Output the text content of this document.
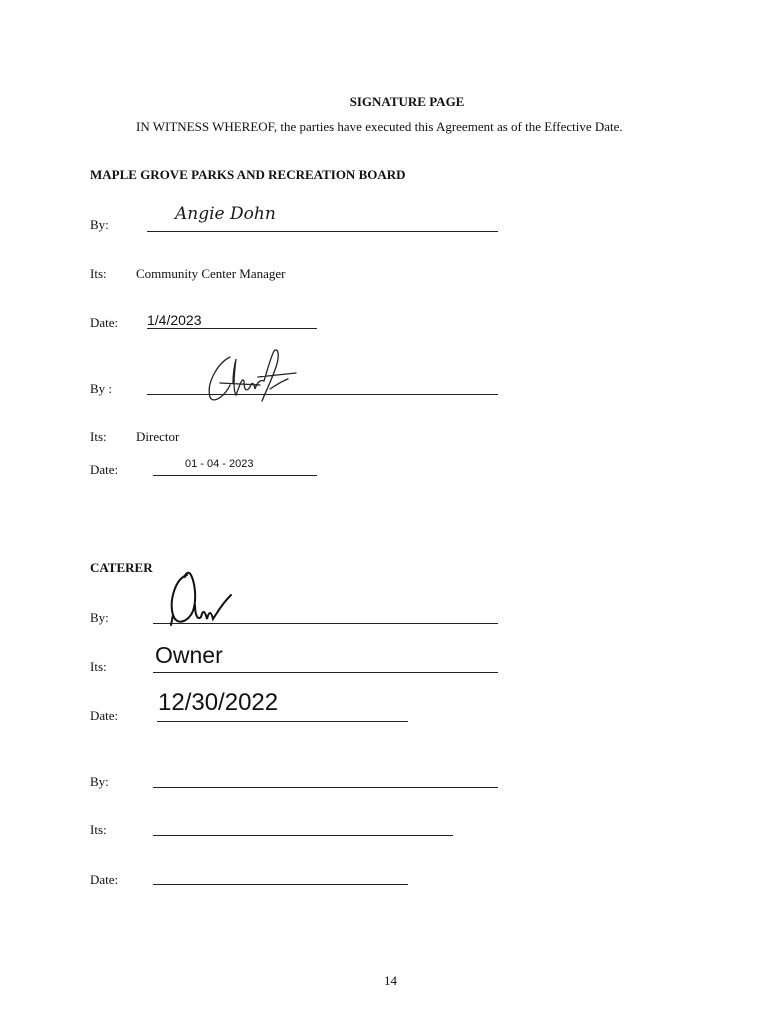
SIGNATURE PAGE
IN WITNESS WHEREOF, the parties have executed this Agreement as of the Effective Date.
MAPLE GROVE PARKS AND RECREATION BOARD
By:
Angie Dohn
Its: Community Center Manager
Date: 1/4/2023
By :
Its: Director
Date:	01 - 04 - 2023
CATERER
By:
Its: Owner
Date: 12/30/2022
By:
Its:
Date:
14
